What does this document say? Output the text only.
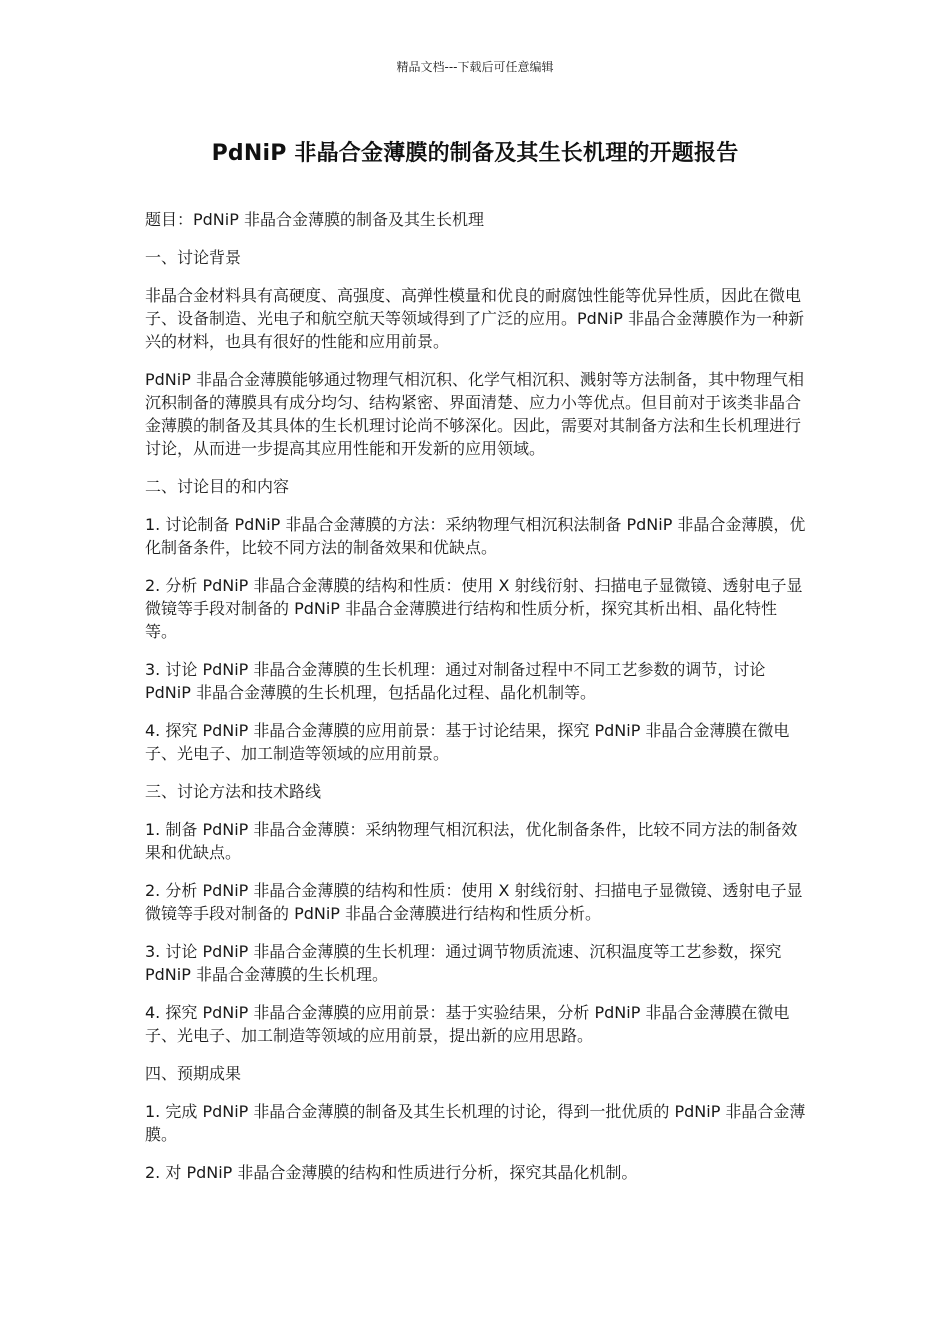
精品文档---下载后可任意编辑
PdNiP 非晶合金薄膜的制备及其生长机理的开题报告

题目：PdNiP 非晶合金薄膜的制备及其生长机理

一、讨论背景

非晶合金材料具有高硬度、高强度、高弹性模量和优良的耐腐蚀性能等优异性质，因此在微电子、设备制造、光电子和航空航天等领域得到了广泛的应用。PdNiP 非晶合金薄膜作为一种新兴的材料，也具有很好的性能和应用前景。

PdNiP 非晶合金薄膜能够通过物理气相沉积、化学气相沉积、溅射等方法制备，其中物理气相沉积制备的薄膜具有成分均匀、结构紧密、界面清楚、应力小等优点。但目前对于该类非晶合金薄膜的制备及其具体的生长机理讨论尚不够深化。因此，需要对其制备方法和生长机理进行讨论，从而进一步提高其应用性能和开发新的应用领域。

二、讨论目的和内容

1. 讨论制备 PdNiP 非晶合金薄膜的方法：采纳物理气相沉积法制备 PdNiP 非晶合金薄膜，优化制备条件，比较不同方法的制备效果和优缺点。

2. 分析 PdNiP 非晶合金薄膜的结构和性质：使用 X 射线衍射、扫描电子显微镜、透射电子显微镜等手段对制备的 PdNiP 非晶合金薄膜进行结构和性质分析，探究其析出相、晶化特性等。

3. 讨论 PdNiP 非晶合金薄膜的生长机理：通过对制备过程中不同工艺参数的调节，讨论 PdNiP 非晶合金薄膜的生长机理，包括晶化过程、晶化机制等。

4. 探究 PdNiP 非晶合金薄膜的应用前景：基于讨论结果，探究 PdNiP 非晶合金薄膜在微电子、光电子、加工制造等领域的应用前景。

三、讨论方法和技术路线

1. 制备 PdNiP 非晶合金薄膜：采纳物理气相沉积法，优化制备条件，比较不同方法的制备效果和优缺点。

2. 分析 PdNiP 非晶合金薄膜的结构和性质：使用 X 射线衍射、扫描电子显微镜、透射电子显微镜等手段对制备的 PdNiP 非晶合金薄膜进行结构和性质分析。

3. 讨论 PdNiP 非晶合金薄膜的生长机理：通过调节物质流速、沉积温度等工艺参数，探究 PdNiP 非晶合金薄膜的生长机理。

4. 探究 PdNiP 非晶合金薄膜的应用前景：基于实验结果，分析 PdNiP 非晶合金薄膜在微电子、光电子、加工制造等领域的应用前景，提出新的应用思路。

四、预期成果

1. 完成 PdNiP 非晶合金薄膜的制备及其生长机理的讨论，得到一批优质的 PdNiP 非晶合金薄膜。

2. 对 PdNiP 非晶合金薄膜的结构和性质进行分析，探究其晶化机制。
